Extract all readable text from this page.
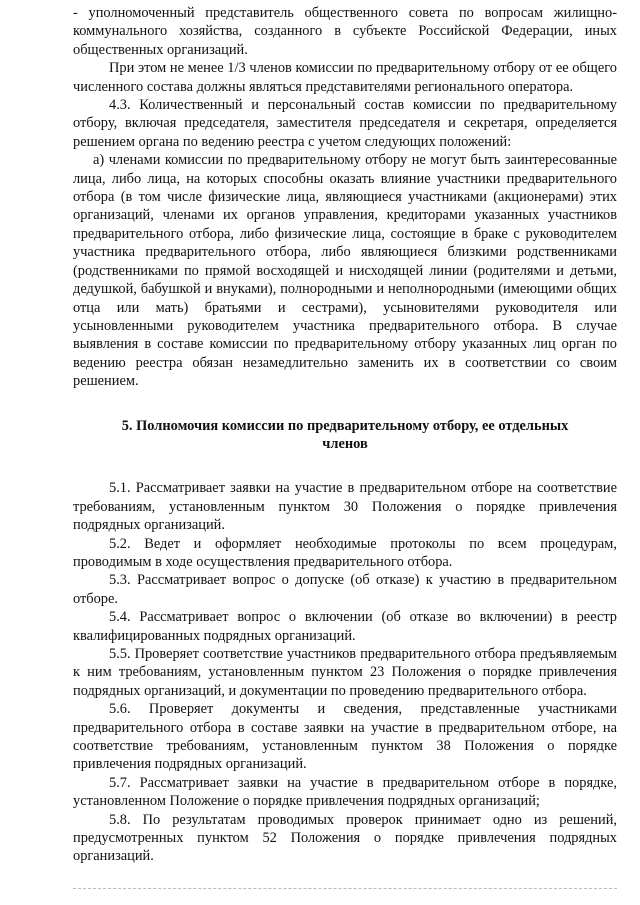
- уполномоченный представитель общественного совета по вопросам жилищно-коммунального хозяйства, созданного в субъекте Российской Федерации, иных общественных организаций.

При этом не менее 1/3 членов комиссии по предварительному отбору от ее общего численного состава должны являться представителями регионального оператора.

4.3. Количественный и персональный состав комиссии по предварительному отбору, включая председателя, заместителя председателя и секретаря, определяется решением органа по ведению реестра с учетом следующих положений:

а) членами комиссии по предварительному отбору не могут быть заинтересованные лица, либо лица, на которых способны оказать влияние участники предварительного отбора (в том числе физические лица, являющиеся участниками (акционерами) этих организаций, членами их органов управления, кредиторами указанных участников предварительного отбора, либо физические лица, состоящие в браке с руководителем участника предварительного отбора, либо являющиеся близкими родственниками (родственниками по прямой восходящей и нисходящей линии (родителями и детьми, дедушкой, бабушкой и внуками), полнородными и неполнородными (имеющими общих отца или мать) братьями и сестрами), усыновителями руководителя или усыновленными руководителем участника предварительного отбора. В случае выявления в составе комиссии по предварительному отбору указанных лиц орган по ведению реестра обязан незамедлительно заменить их в соответствии со своим решением.

5. Полномочия комиссии по предварительному отбору, ее отдельных членов

5.1. Рассматривает заявки на участие в предварительном отборе на соответствие требованиям, установленным пунктом 30 Положения о порядке привлечения подрядных организаций.

5.2. Ведет и оформляет необходимые протоколы по всем процедурам, проводимым в ходе осуществления предварительного отбора.

5.3. Рассматривает вопрос о допуске (об отказе) к участию в предварительном отборе.

5.4. Рассматривает вопрос о включении (об отказе во включении) в реестр квалифицированных подрядных организаций.

5.5. Проверяет соответствие участников предварительного отбора предъявляемым к ним требованиям, установленным пунктом 23 Положения о порядке привлечения подрядных организаций, и документации по проведению предварительного отбора.

5.6. Проверяет документы и сведения, представленные участниками предварительного отбора в составе заявки на участие в предварительном отборе, на соответствие требованиям, установленным пунктом 38 Положения о порядке привлечения подрядных организаций.

5.7. Рассматривает заявки на участие в предварительном отборе в порядке, установленном Положение о порядке привлечения подрядных организаций;

5.8. По результатам проводимых проверок принимает одно из решений, предусмотренных пунктом 52 Положения о порядке привлечения подрядных организаций.
